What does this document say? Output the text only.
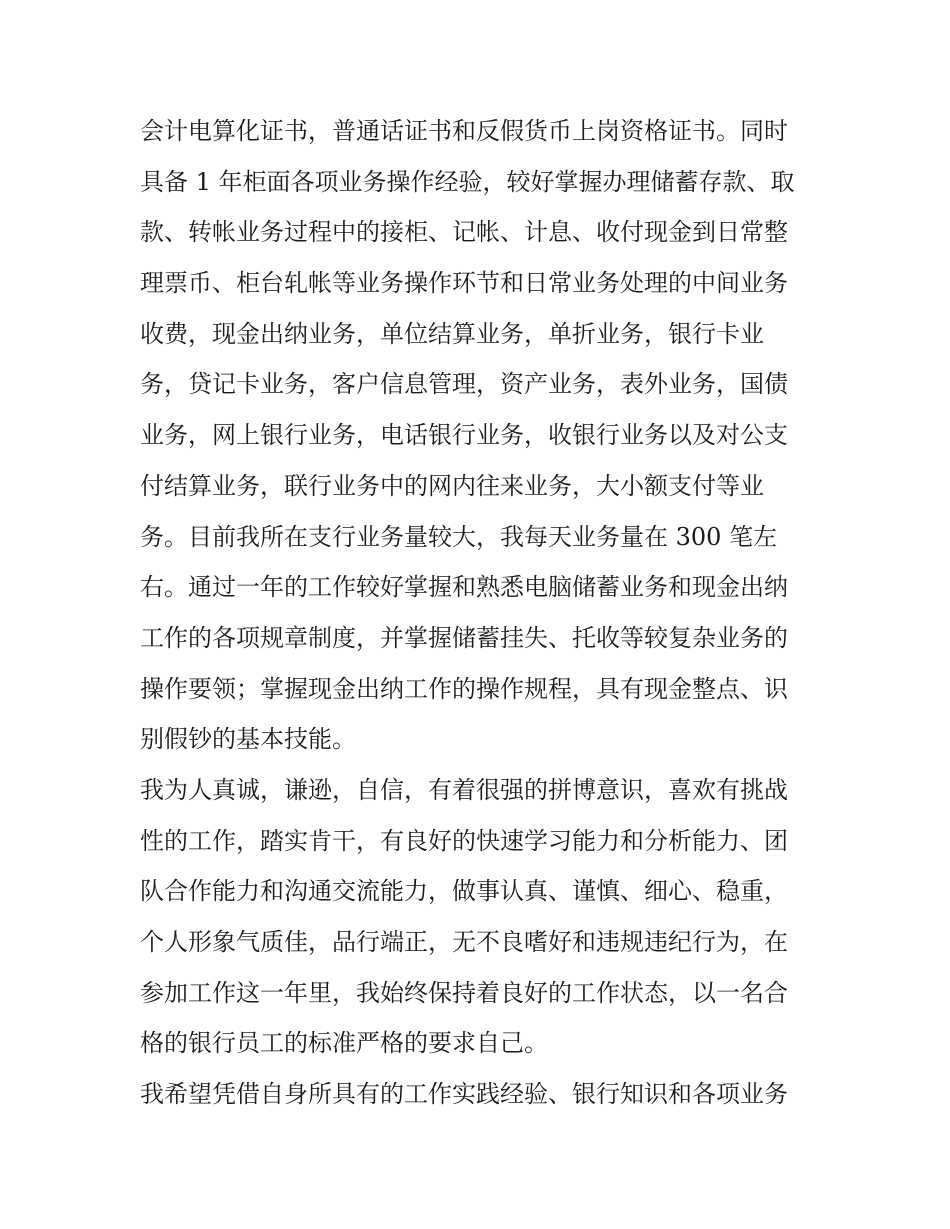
会计电算化证书，普通话证书和反假货币上岗资格证书。同时
具备 1 年柜面各项业务操作经验，较好掌握办理储蓄存款、取
款、转帐业务过程中的接柜、记帐、计息、收付现金到日常整
理票币、柜台轧帐等业务操作环节和日常业务处理的中间业务
收费，现金出纳业务，单位结算业务，单折业务，银行卡业
务，贷记卡业务，客户信息管理，资产业务，表外业务，国债
业务，网上银行业务，电话银行业务，收银行业务以及对公支
付结算业务，联行业务中的网内往来业务，大小额支付等业
务。目前我所在支行业务量较大，我每天业务量在 300 笔左
右。通过一年的工作较好掌握和熟悉电脑储蓄业务和现金出纳
工作的各项规章制度，并掌握储蓄挂失、托收等较复杂业务的
操作要领；掌握现金出纳工作的操作规程，具有现金整点、识
别假钞的基本技能。
我为人真诚，谦逊，自信，有着很强的拼博意识，喜欢有挑战
性的工作，踏实肯干，有良好的快速学习能力和分析能力、团
队合作能力和沟通交流能力，做事认真、谨慎、细心、稳重，
个人形象气质佳，品行端正，无不良嗜好和违规违纪行为，在
参加工作这一年里，我始终保持着良好的工作状态，以一名合
格的银行员工的标准严格的要求自己。
我希望凭借自身所具有的工作实践经验、银行知识和各项业务
